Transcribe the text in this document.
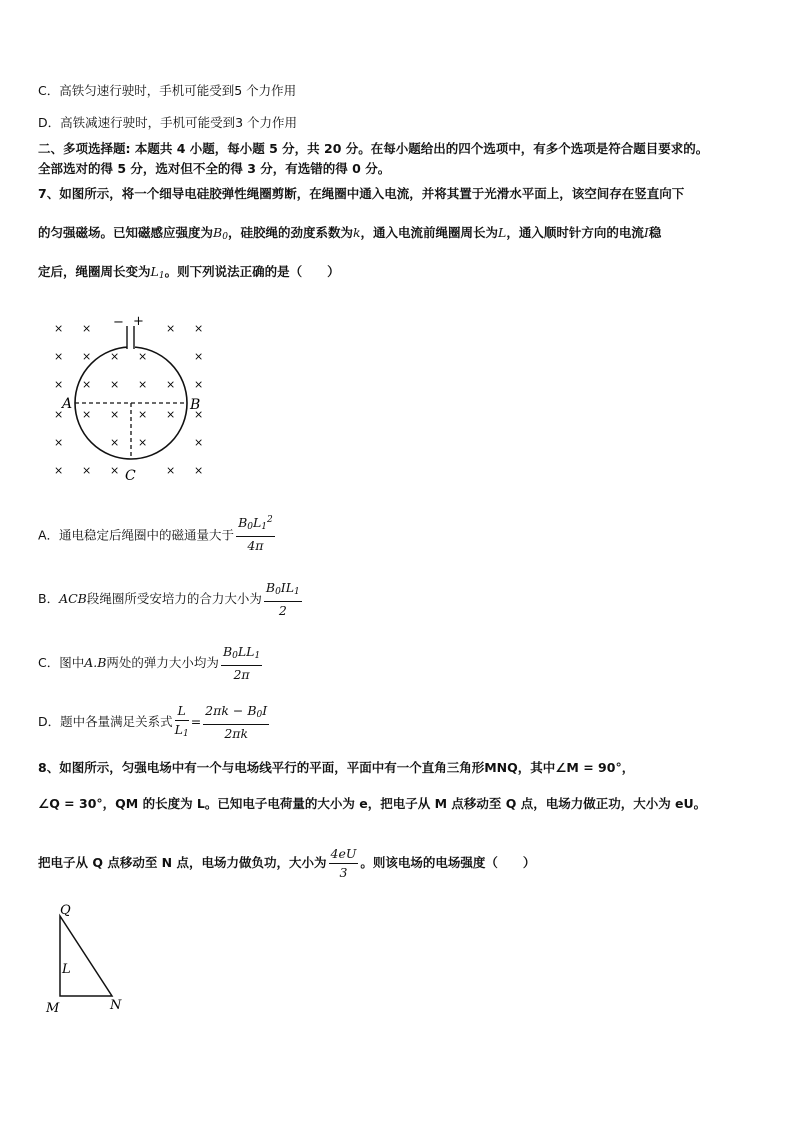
C．高铁匀速行驶时，手机可能受到5 个力作用
D．高铁减速行驶时，手机可能受到3 个力作用
二、多项选择题: 本题共 4 小题，每小题 5 分，共 20 分。在每小题给出的四个选项中，有多个选项是符合题目要求的。
全部选对的得 5 分，选对但不全的得 3 分，有选错的得 0 分。
7、如图所示，将一个细导电硅胶弹性绳圈剪断，在绳圈中通入电流，并将其置于光滑水平面上，该空间存在竖直向下
的匀强磁场。已知磁感应强度为$B_0$，硅胶绳的劲度系数为k，通入电流前绳圈周长为L，通入顺时针方向的电流I稳
定后，绳圈周长变为$L_1$。则下列说法正确的是（　　）
× ×	× ×
× × × ×	×
× × × × × ×
× × × × × ×
×	× ×	×
× × ×	× ×
− +
A	B
C
A．通电稳定后绳圈中的磁通量大于 $\frac{B_0L_1^2}{4\pi}$
B．ACB段绳圈所受安培力的合力大小为 $\frac{B_0IL_1}{2}$
C．图中A.B两处的弹力大小均为 $\frac{B_0LL_1}{2\pi}$
D．题中各量满足关系式 $\frac{L}{L_1} = \frac{2\pi k - B_0I}{2\pi k}$
8、如图所示，匀强电场中有一个与电场线平行的平面，平面中有一个直角三角形MNQ，其中∠M = 90°，
∠Q = 30°，QM 的长度为 L。已知电子电荷量的大小为 e，把电子从 M 点移动至 Q 点，电场力做正功，大小为 eU。
把电子从 Q 点移动至 N 点，电场力做负功，大小为 $\frac{4eU}{3}$ 。则该电场的电场强度（　　）
Q
L
M	N
